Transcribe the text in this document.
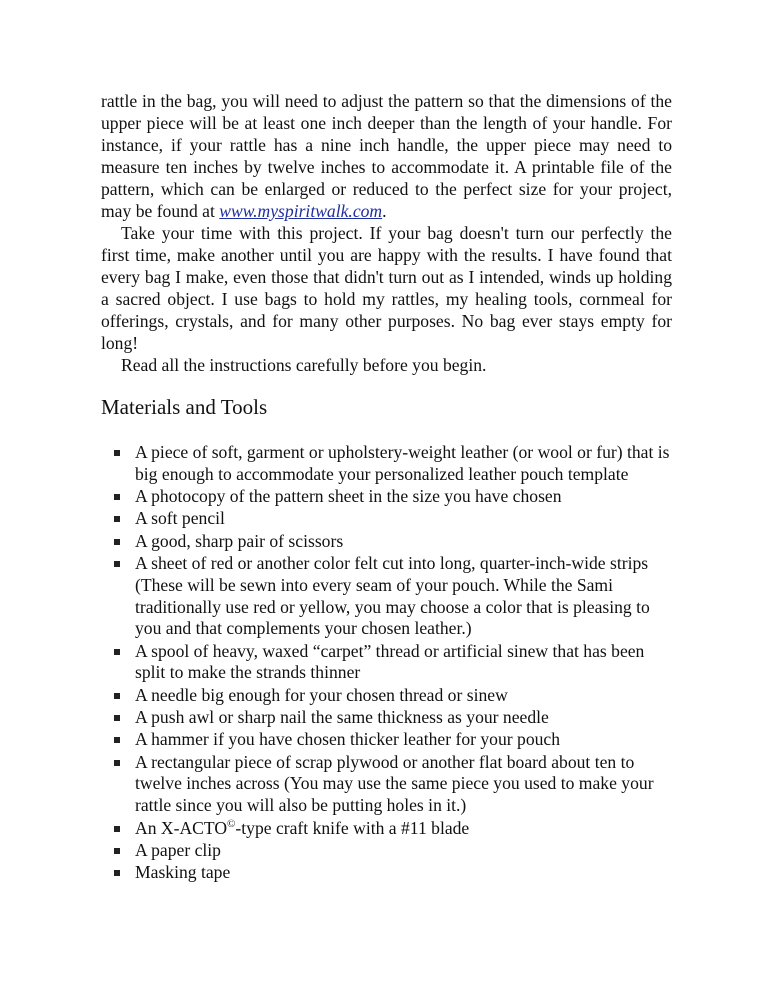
rattle in the bag, you will need to adjust the pattern so that the dimensions of the upper piece will be at least one inch deeper than the length of your handle. For instance, if your rattle has a nine inch handle, the upper piece may need to measure ten inches by twelve inches to accommodate it. A printable file of the pattern, which can be enlarged or reduced to the perfect size for your project, may be found at www.myspiritwalk.com.

Take your time with this project. If your bag doesn't turn our perfectly the first time, make another until you are happy with the results. I have found that every bag I make, even those that didn't turn out as I intended, winds up holding a sacred object. I use bags to hold my rattles, my healing tools, cornmeal for offerings, crystals, and for many other purposes. No bag ever stays empty for long!

Read all the instructions carefully before you begin.

Materials and Tools
A piece of soft, garment or upholstery-weight leather (or wool or fur) that is big enough to accommodate your personalized leather pouch template
A photocopy of the pattern sheet in the size you have chosen
A soft pencil
A good, sharp pair of scissors
A sheet of red or another color felt cut into long, quarter-inch-wide strips (These will be sewn into every seam of your pouch. While the Sami traditionally use red or yellow, you may choose a color that is pleasing to you and that complements your chosen leather.)
A spool of heavy, waxed “carpet” thread or artificial sinew that has been split to make the strands thinner
A needle big enough for your chosen thread or sinew
A push awl or sharp nail the same thickness as your needle
A hammer if you have chosen thicker leather for your pouch
A rectangular piece of scrap plywood or another flat board about ten to twelve inches across (You may use the same piece you used to make your rattle since you will also be putting holes in it.)
An X-ACTO©-type craft knife with a #11 blade
A paper clip
Masking tape
